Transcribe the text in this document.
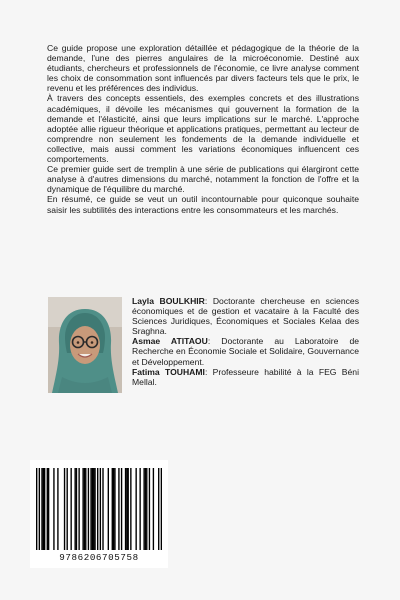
Ce guide propose une exploration détaillée et pédagogique de la théorie de la demande, l'une des pierres angulaires de la microéconomie. Destiné aux étudiants, chercheurs et professionnels de l'économie, ce livre analyse comment les choix de consommation sont influencés par divers facteurs tels que le prix, le revenu et les préférences des individus.

À travers des concepts essentiels, des exemples concrets et des illustrations académiques, il dévoile les mécanismes qui gouvernent la formation de la demande et l'élasticité, ainsi que leurs implications sur le marché. L'approche adoptée allie rigueur théorique et applications pratiques, permettant au lecteur de comprendre non seulement les fondements de la demande individuelle et collective, mais aussi comment les variations économiques influencent ces comportements.

Ce premier guide sert de tremplin à une série de publications qui élargiront cette analyse à d'autres dimensions du marché, notamment la fonction de l'offre et la dynamique de l'équilibre du marché.

En résumé, ce guide se veut un outil incontournable pour quiconque souhaite saisir les subtilités des interactions entre les consommateurs et les marchés.

Layla BOULKHIR: Doctorante chercheuse en sciences économiques et de gestion et vacataire à la Faculté des Sciences Juridiques, Économiques et Sociales Kelaa des Sraghna.

Asmae ATITAOU: Doctorante au Laboratoire de Recherche en Économie Sociale et Solidaire, Gouvernance et Développement.

Fatima TOUHAMI: Professeure habilité à la FEG Béni Mellal.

9786206705758
